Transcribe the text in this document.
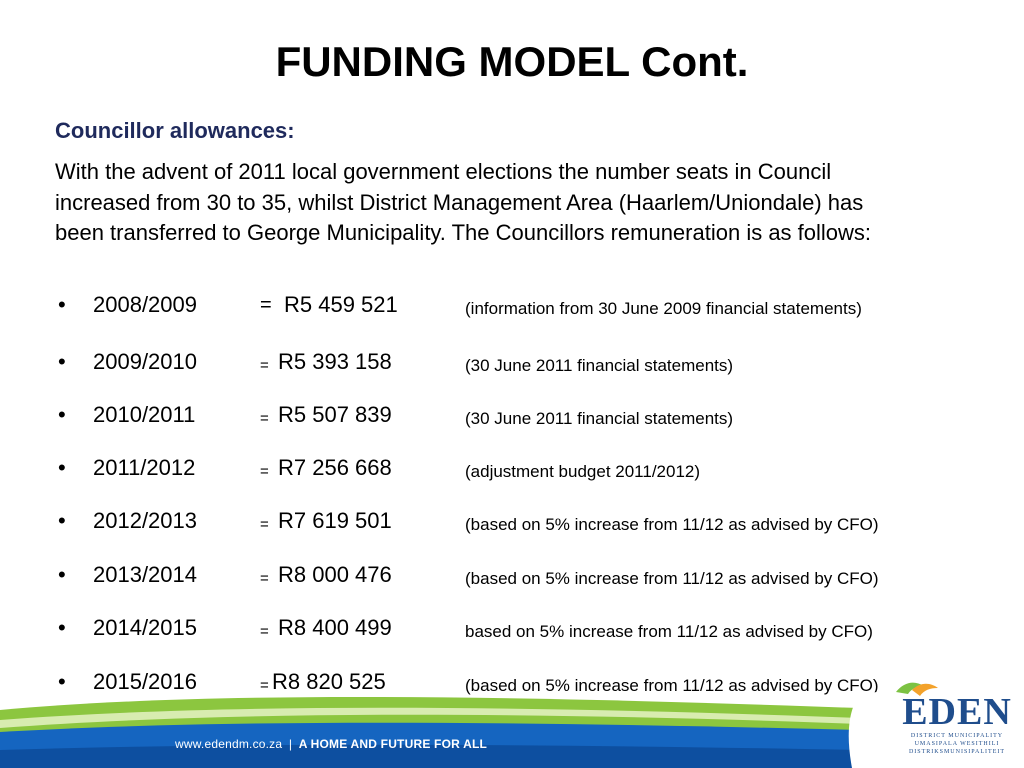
FUNDING MODEL Cont.
Councillor allowances:
With the advent of 2011 local government elections the number seats in Council increased from 30 to 35, whilst District Management Area (Haarlem/Uniondale) has been transferred to George Municipality. The Councillors remuneration is as follows:
• 2008/2009	= R5 459 521	(information from 30 June 2009 financial statements)
• 2009/2010	= R5 393 158	(30 June 2011 financial statements)
• 2010/2011	= R5 507 839	(30 June 2011 financial statements)
• 2011/2012	= R7 256 668	(adjustment budget 2011/2012)
• 2012/2013	= R7 619 501	(based on 5% increase from 11/12 as advised by CFO)
• 2013/2014	= R8 000 476	(based on 5% increase from 11/12 as advised by CFO)
• 2014/2015	= R8 400 499	based on 5% increase from 11/12 as advised by CFO)
• 2015/2016	= R8 820 525	(based on 5% increase from 11/12 as advised by CFO)
www.edendm.co.za | A HOME AND FUTURE FOR ALL
EDEN
DISTRICT MUNICIPALITY
UMASIPALA WESITHILI
DISTRIKSMUNISIPALITEIT
